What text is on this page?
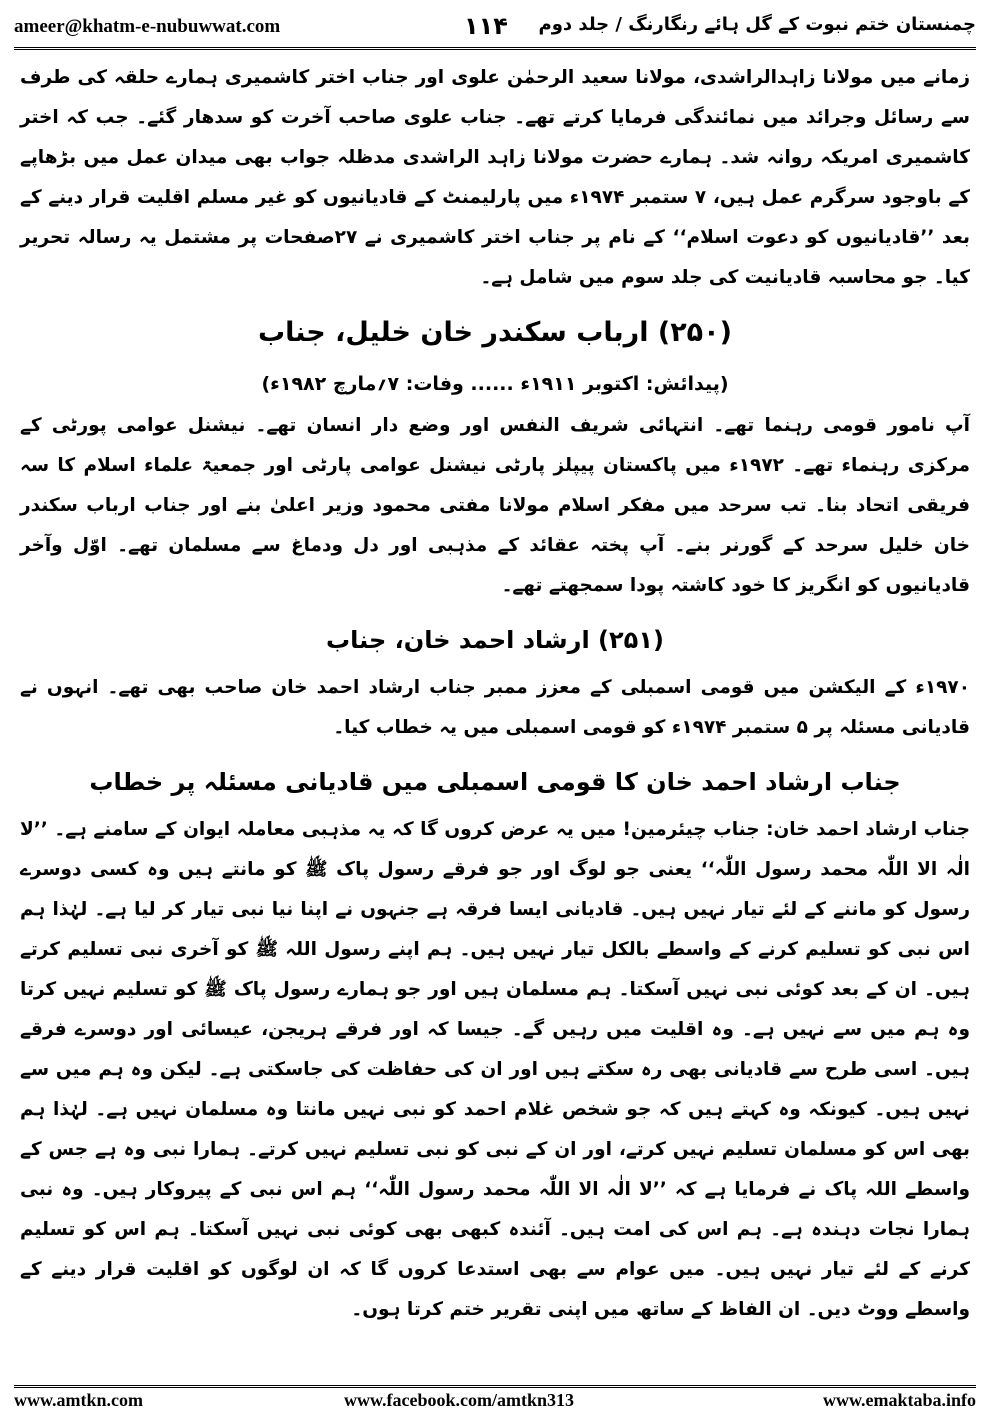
ameer@khatm-e-nubuwwat.com	۱۱۴ چمنستان ختم نبوت کے گل ہائے رنگارنگ / جلد دوم

زمانے میں مولانا زاہدالراشدی، مولانا سعید الرحمٰن علوی اور جناب اختر کاشمیری ہمارے حلقہ کی طرف سے رسائل وجرائد میں نمائندگی فرمایا کرتے تھے۔ جناب علوی صاحب آخرت کو سدھار گئے۔ جب کہ اختر کاشمیری امریکہ روانہ شد۔ ہمارے حضرت مولانا زاہد الراشدی مدظلہ جواب بھی میدان عمل میں بڑھاپے کے باوجود سرگرم عمل ہیں، ۷ ستمبر ۱۹۷۴ء میں پارلیمنٹ کے قادیانیوں کو غیر مسلم اقلیت قرار دینے کے بعد ’’قادیانیوں کو دعوت اسلام‘‘ کے نام پر جناب اختر کاشمیری نے ۲۷صفحات پر مشتمل یہ رسالہ تحریر کیا۔ جو محاسبہ قادیانیت کی جلد سوم میں شامل ہے۔

(۲۵۰) ارباب سکندر خان خلیل، جناب
(پیدائش: اکتوبر ۱۹۱۱ء ...... وفات: ۷؍مارچ ۱۹۸۲ء)

آپ نامور قومی رہنما تھے۔ انتہائی شریف النفس اور وضع دار انسان تھے۔ نیشنل عوامی پورٹی کے مرکزی رہنماء تھے۔ ۱۹۷۲ء میں پاکستان پیپلز پارٹی نیشنل عوامی پارٹی اور جمعیۃ علماء اسلام کا سہ فریقی اتحاد بنا۔ تب سرحد میں مفکر اسلام مولانا مفتی محمود وزیر اعلیٰ بنے اور جناب ارباب سکندر خان خلیل سرحد کے گورنر بنے۔ آپ پختہ عقائد کے مذہبی اور دل ودماغ سے مسلمان تھے۔ اوّل وآخر قادیانیوں کو انگریز کا خود کاشتہ پودا سمجھتے تھے۔

(۲۵۱) ارشاد احمد خان، جناب

۱۹۷۰ء کے الیکشن میں قومی اسمبلی کے معزز ممبر جناب ارشاد احمد خان صاحب بھی تھے۔ انہوں نے قادیانی مسئلہ پر ۵ ستمبر ۱۹۷۴ء کو قومی اسمبلی میں یہ خطاب کیا۔

جناب ارشاد احمد خان کا قومی اسمبلی میں قادیانی مسئلہ پر خطاب

جناب ارشاد احمد خان: جناب چیئرمین! میں یہ عرض کروں گا کہ یہ مذہبی معاملہ ایوان کے سامنے ہے۔ ’’لا الٰہ الا اللّٰہ محمد رسول اللّٰہ‘‘ یعنی جو لوگ اور جو فرقے رسول پاک ﷺ کو مانتے ہیں وہ کسی دوسرے رسول کو ماننے کے لئے تیار نہیں ہیں۔ قادیانی ایسا فرقہ ہے جنہوں نے اپنا نیا نبی تیار کر لیا ہے۔ لہٰذا ہم اس نبی کو تسلیم کرنے کے واسطے بالکل تیار نہیں ہیں۔ ہم اپنے رسول اللہ ﷺ کو آخری نبی تسلیم کرتے ہیں۔ ان کے بعد کوئی نبی نہیں آسکتا۔ ہم مسلمان ہیں اور جو ہمارے رسول پاک ﷺ کو تسلیم نہیں کرتا وہ ہم میں سے نہیں ہے۔ وہ اقلیت میں رہیں گے۔ جیسا کہ اور فرقے ہریجن، عیسائی اور دوسرے فرقے ہیں۔ اسی طرح سے قادیانی بھی رہ سکتے ہیں اور ان کی حفاظت کی جاسکتی ہے۔ لیکن وہ ہم میں سے نہیں ہیں۔ کیونکہ وہ کہتے ہیں کہ جو شخص غلام احمد کو نبی نہیں مانتا وہ مسلمان نہیں ہے۔ لہٰذا ہم بھی اس کو مسلمان تسلیم نہیں کرتے، اور ان کے نبی کو نبی تسلیم نہیں کرتے۔ ہمارا نبی وہ ہے جس کے واسطے اللہ پاک نے فرمایا ہے کہ ’’لا الٰہ الا اللّٰہ محمد رسول اللّٰہ‘‘ ہم اس نبی کے پیروکار ہیں۔ وہ نبی ہمارا نجات دہندہ ہے۔ ہم اس کی امت ہیں۔ آئندہ کبھی بھی کوئی نبی نہیں آسکتا۔ ہم اس کو تسلیم کرنے کے لئے تیار نہیں ہیں۔ میں عوام سے بھی استدعا کروں گا کہ ان لوگوں کو اقلیت قرار دینے کے واسطے ووٹ دیں۔ ان الفاظ کے ساتھ میں اپنی تقریر ختم کرتا ہوں۔

www.amtkn.com	www.facebook.com/amtkn313	www.emaktaba.info
